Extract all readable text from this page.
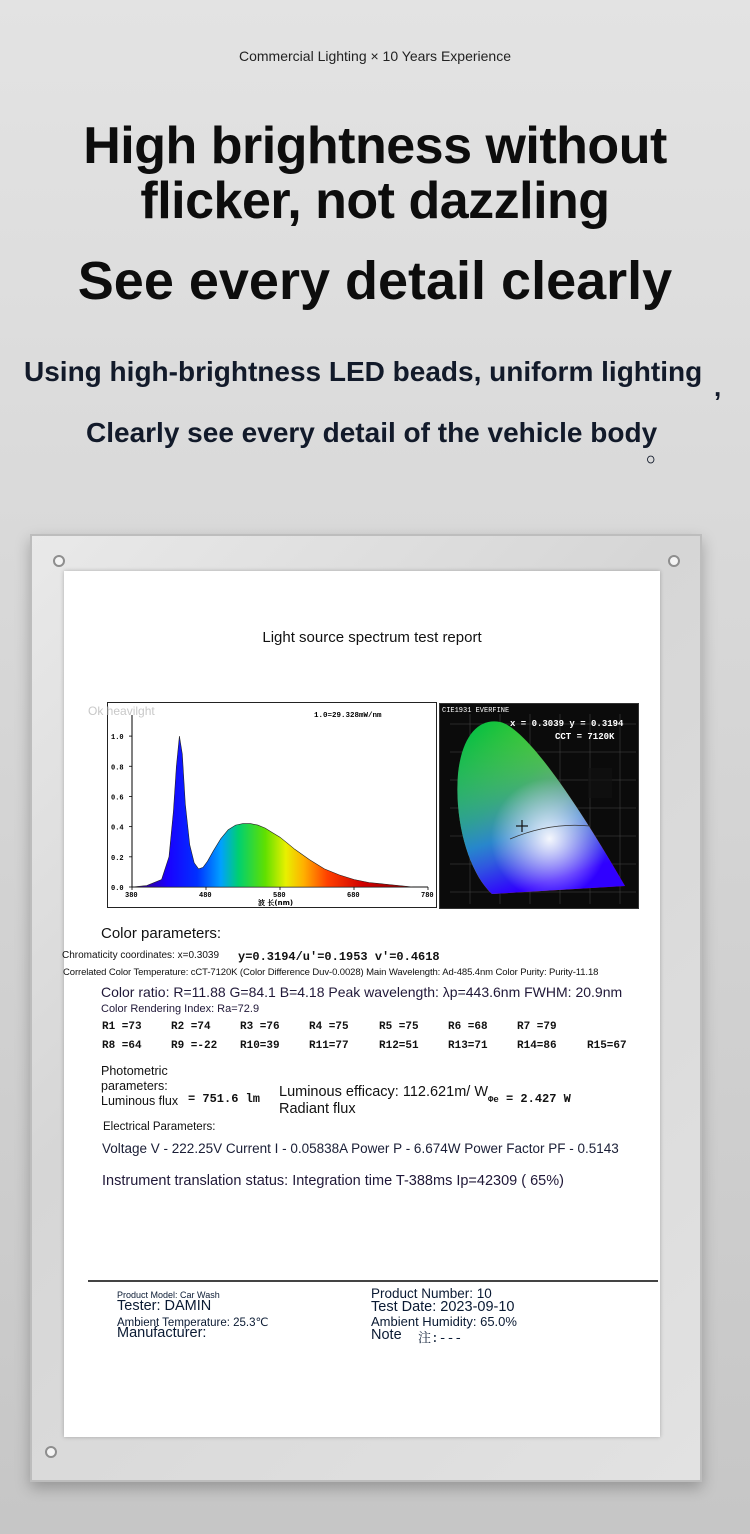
Commercial Lighting × 10 Years Experience
High brightness without
flicker, not dazzling
See every detail clearly
Using high-brightness LED beads, uniform lighting ,
Clearly see every detail of the vehicle body
。
Light source spectrum test report
0.0
0.2
0.4
0.6
0.8
1.0
380	480	580	680	780
1.0=29.328mW/nm
波 长(nm)
Ok heavilght	CIE1931 EVERFINE
x = 0.3039 y = 0.3194
CCT = 7120K
Color parameters:
Chromaticity coordinates: x=0.3039 y=0.3194/u'=0.1953 v'=0.4618
Correlated Color Temperature: cCT-7120K (Color Difference Duv-0.0028) Main Wavelength: Ad-485.4nm Color Purity: Purity-11.18
Color ratio: R=11.88 G=84.1 B=4.18 Peak wavelength: λp=443.6nm FWHM: 20.9nm
Color Rendering Index: Ra=72.9
R1 =73	R2 =74	R3 =76	R4 =75	R5 =75	R6 =68	R7 =79
R8 =64	R9 =-22 R10=39	R11=77	R12=51	R13=71	R14=86	R15=67
Photometric parameters:
Luminous flux = 751.6 lm Luminous efficacy: 112.621m/ W Radiant flux
Φe = 2.427 W
Electrical Parameters:
Voltage V - 222.25V Current I - 0.05838A Power P - 6.674W Power Factor PF - 0.5143
Instrument translation status: Integration time T-388ms Ip=42309 ( 65%)
Product Model: Car Wash
Tester: DAMIN
Ambient Temperature: 25.3℃
Manufacturer:
Product Number: 10
Test Date: 2023-09-10
Ambient Humidity: 65.0%
Note 注:---
